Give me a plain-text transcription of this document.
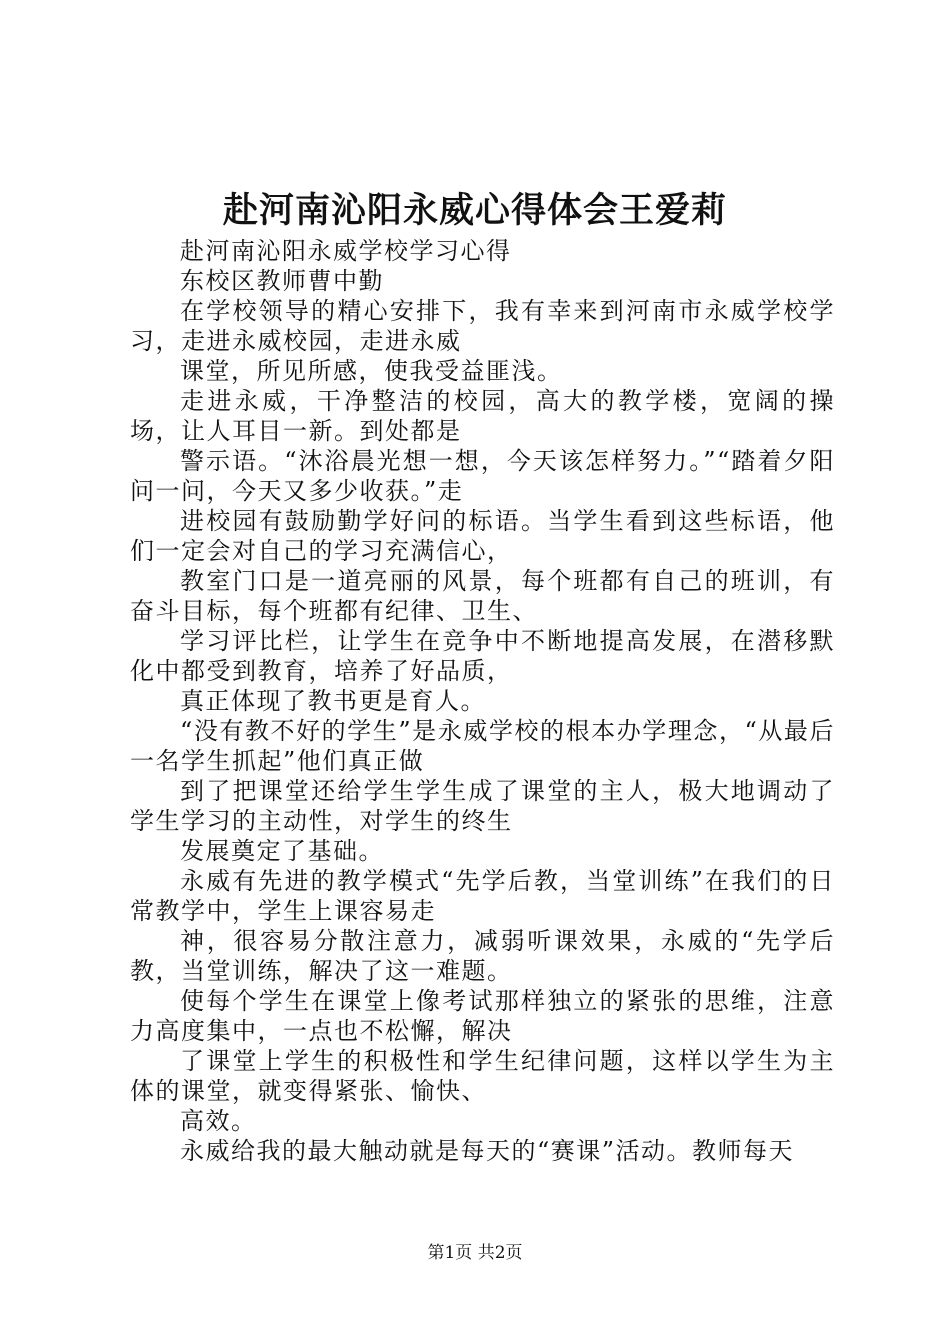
赴河南沁阳永威心得体会王爱莉

赴河南沁阳永威学校学习心得

东校区教师曹中勤

在学校领导的精心安排下，我有幸来到河南市永威学校学习，走进永威校园，走进永威

课堂，所见所感，使我受益匪浅。

走进永威，干净整洁的校园，高大的教学楼，宽阔的操场，让人耳目一新。到处都是

警示语。“沐浴晨光想一想，今天该怎样努力。”“踏着夕阳问一问，今天又多少收获。”走

进校园有鼓励勤学好问的标语。当学生看到这些标语，他们一定会对自己的学习充满信心，

教室门口是一道亮丽的风景，每个班都有自己的班训，有奋斗目标，每个班都有纪律、卫生、

学习评比栏，让学生在竞争中不断地提高发展，在潜移默化中都受到教育，培养了好品质，

真正体现了教书更是育人。

“没有教不好的学生”是永威学校的根本办学理念，“从最后一名学生抓起”他们真正做

到了把课堂还给学生学生成了课堂的主人，极大地调动了学生学习的主动性，对学生的终生

发展奠定了基础。

永威有先进的教学模式“先学后教，当堂训练”在我们的日常教学中，学生上课容易走

神，很容易分散注意力，减弱听课效果，永威的“先学后教，当堂训练，解决了这一难题。

使每个学生在课堂上像考试那样独立的紧张的思维，注意力高度集中，一点也不松懈，解决

了课堂上学生的积极性和学生纪律问题，这样以学生为主体的课堂，就变得紧张、愉快、

高效。

永威给我的最大触动就是每天的“赛课”活动。教师每天

第1页 共2页
